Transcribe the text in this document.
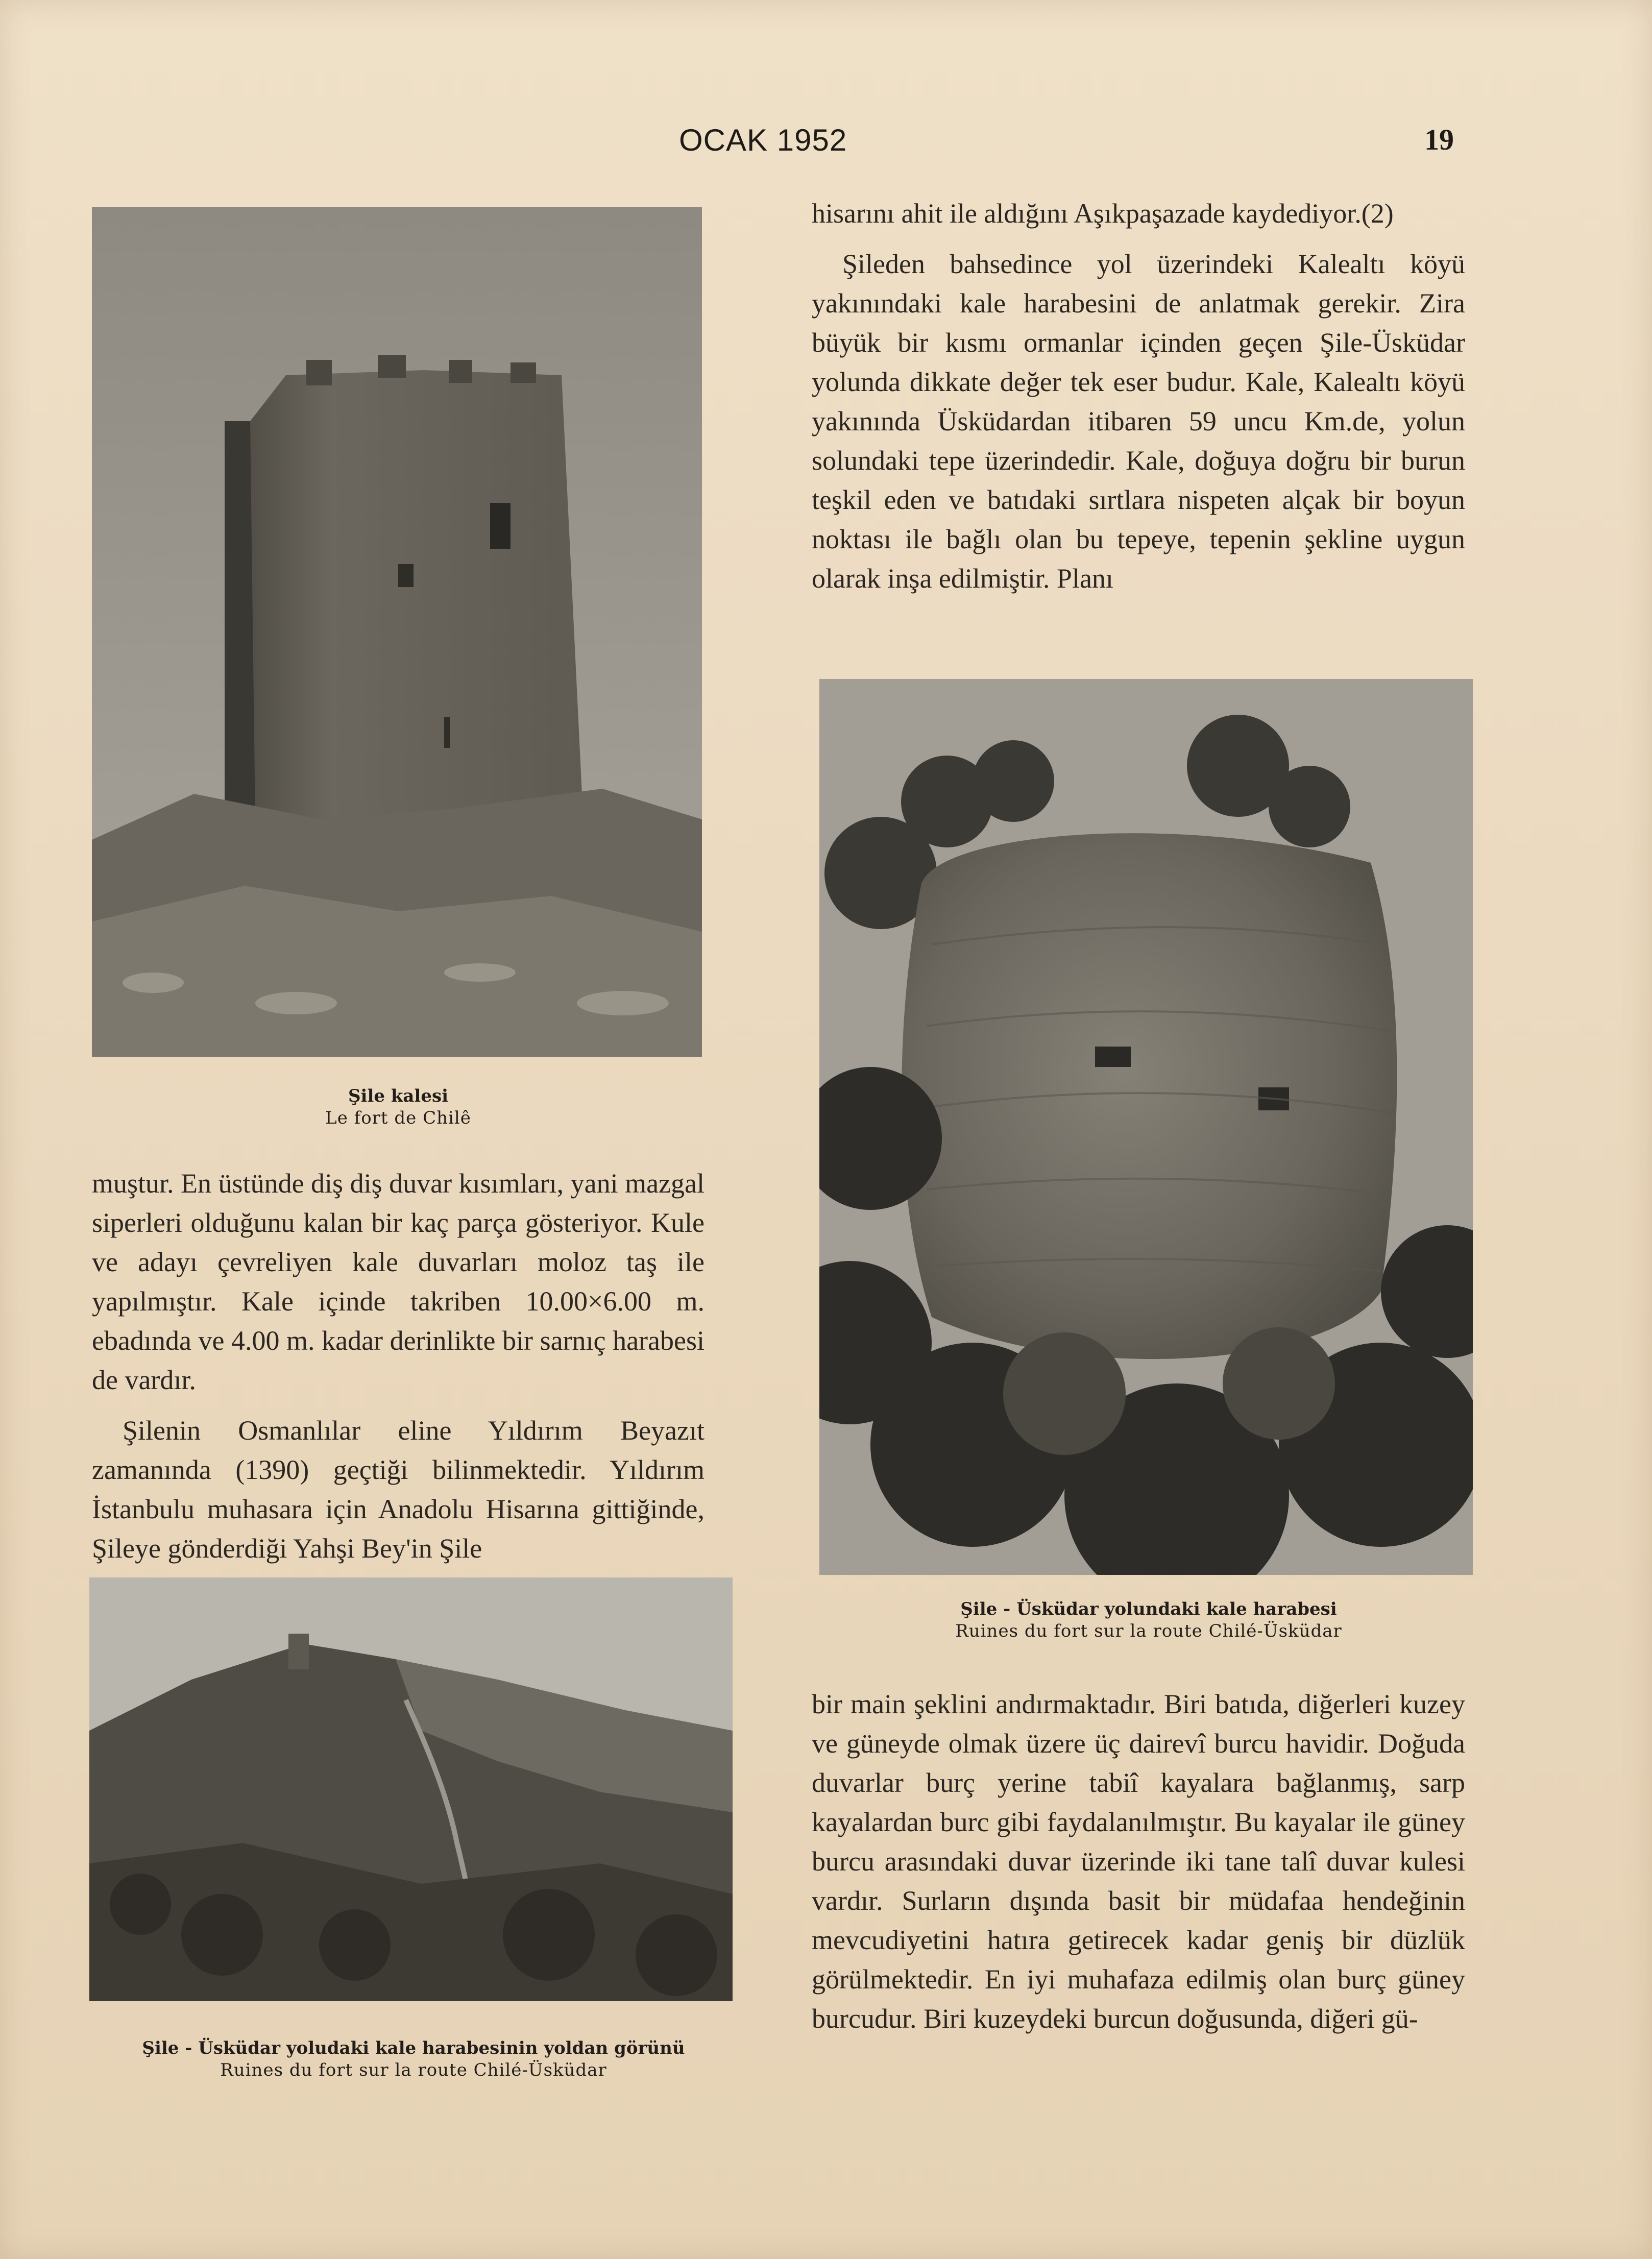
OCAK 1952	19
Şile kalesi
Le fort de Chilê

muştur. En üstünde diş diş duvar kısımları, yani mazgal siperleri olduğunu kalan bir kaç parça gösteriyor. Kule ve adayı çevreliyen kale duvarları moloz taş ile yapılmıştır. Kale içinde takriben 10.00×6.00 m. ebadında ve 4.00 m. kadar derinlikte bir sarnıç harabesi de vardır.

Şilenin Osmanlılar eline Yıldırım Beyazıt zamanında (1390) geçtiği bilinmektedir. Yıldırım İstanbulu muhasara için Anadolu Hisarına gittiğinde, Şileye gönderdiği Yahşi Bey'in Şile

Şile - Üsküdar yoludaki kale harabesinin yoldan görünü
Ruines du fort sur la route Chilé-Üsküdar

hisarını ahit ile aldığını Aşıkpaşazade kaydediyor.(2)

Şileden bahsedince yol üzerindeki Kalealtı köyü yakınındaki kale harabesini de anlatmak gerekir. Zira büyük bir kısmı ormanlar içinden geçen Şile-Üsküdar yolunda dikkate değer tek eser budur. Kale, Kalealtı köyü yakınında Üsküdardan itibaren 59 uncu Km.de, yolun solundaki tepe üzerindedir. Kale, doğuya doğru bir burun teşkil eden ve batıdaki sırtlara nispeten alçak bir boyun noktası ile bağlı olan bu tepeye, tepenin şekline uygun olarak inşa edilmiştir. Planı

Şile - Üsküdar yolundaki kale harabesi
Ruines du fort sur la route Chilé-Üsküdar

bir main şeklini andırmaktadır. Biri batıda, diğerleri kuzey ve güneyde olmak üzere üç dairevî burcu havidir. Doğuda duvarlar burç yerine tabiî kayalara bağlanmış, sarp kayalardan burc gibi faydalanılmıştır. Bu kayalar ile güney burcu arasındaki duvar üzerinde iki tane talî duvar kulesi vardır. Surların dışında basit bir müdafaa hendeğinin mevcudiyetini hatıra getirecek kadar geniş bir düzlük görülmektedir. En iyi muhafaza edilmiş olan burç güney burcudur. Biri kuzeydeki burcun doğusunda, diğeri gü-
